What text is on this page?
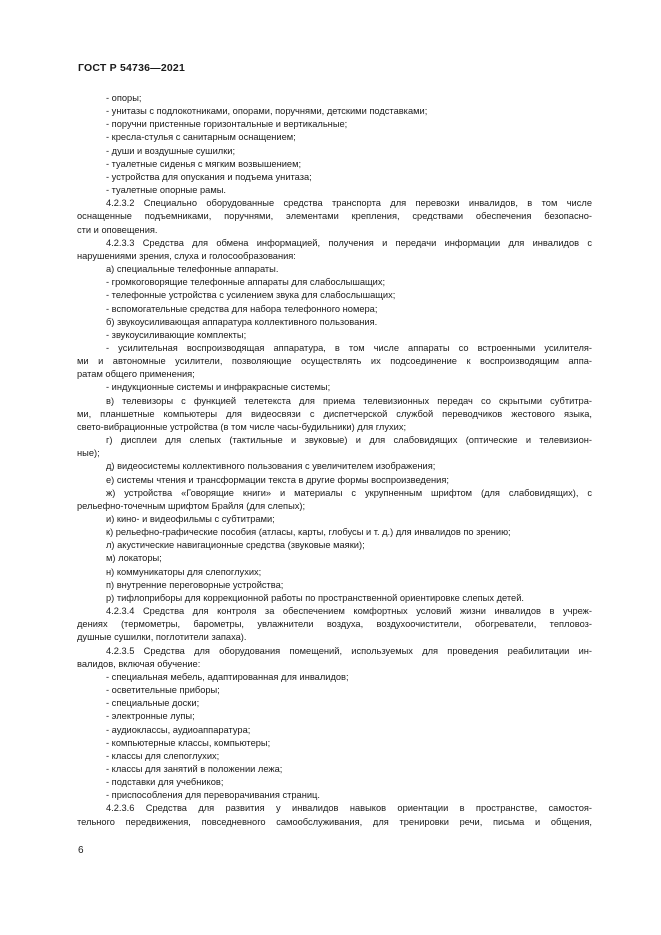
ГОСТ Р 54736—2021
- опоры;
- унитазы с подлокотниками, опорами, поручнями, детскими подставками;
- поручни пристенные горизонтальные и вертикальные;
- кресла-стулья с санитарным оснащением;
- души и воздушные сушилки;
- туалетные сиденья с мягким возвышением;
- устройства для опускания и подъема унитаза;
- туалетные опорные рамы.
4.2.3.2 Специально оборудованные средства транспорта для перевозки инвалидов, в том числе
оснащенные подъемниками, поручнями, элементами крепления, средствами обеспечения безопасно-
сти и оповещения.
4.2.3.3 Средства для обмена информацией, получения и передачи информации для инвалидов с
нарушениями зрения, слуха и голосообразования:
а) специальные телефонные аппараты.
- громкоговорящие телефонные аппараты для слабослышащих;
- телефонные устройства с усилением звука для слабослышащих;
- вспомогательные средства для набора телефонного номера;
б) звукоусиливающая аппаратура коллективного пользования.
- звукоусиливающие комплекты;
- усилительная воспроизводящая аппаратура, в том числе аппараты со встроенными усилителя-
ми и автономные усилители, позволяющие осуществлять их подсоединение к воспроизводящим аппа-
ратам общего применения;
- индукционные системы и инфракрасные системы;
в) телевизоры с функцией телетекста для приема телевизионных передач со скрытыми субтитра-
ми, планшетные компьютеры для видеосвязи с диспетчерской службой переводчиков жестового языка,
свето-вибрационные устройства (в том числе часы-будильники) для глухих;
г) дисплеи для слепых (тактильные и звуковые) и для слабовидящих (оптические и телевизион-
ные);
д) видеосистемы коллективного пользования с увеличителем изображения;
е) системы чтения и трансформации текста в другие формы воспроизведения;
ж) устройства «Говорящие книги» и материалы с укрупненным шрифтом (для слабовидящих), с
рельефно-точечным шрифтом Брайля (для слепых);
и) кино- и видеофильмы с субтитрами;
к) рельефно-графические пособия (атласы, карты, глобусы и т. д.) для инвалидов по зрению;
л) акустические навигационные средства (звуковые маяки);
м) локаторы;
н) коммуникаторы для слепоглухих;
п) внутренние переговорные устройства;
р) тифлоприборы для коррекционной работы по пространственной ориентировке слепых детей.
4.2.3.4 Средства для контроля за обеспечением комфортных условий жизни инвалидов в учреж-
дениях (термометры, барометры, увлажнители воздуха, воздухоочистители, обогреватели, тепловоз-
душные сушилки, поглотители запаха).
4.2.3.5 Средства для оборудования помещений, используемых для проведения реабилитации ин-
валидов, включая обучение:
- специальная мебель, адаптированная для инвалидов;
- осветительные приборы;
- специальные доски;
- электронные лупы;
- аудиоклассы, аудиоаппаратура;
- компьютерные классы, компьютеры;
- классы для слепоглухих;
- классы для занятий в положении лежа;
- подставки для учебников;
- приспособления для переворачивания страниц.
4.2.3.6 Средства для развития у инвалидов навыков ориентации в пространстве, самостоя-
тельного передвижения, повседневного самообслуживания, для тренировки речи, письма и общения,
6
